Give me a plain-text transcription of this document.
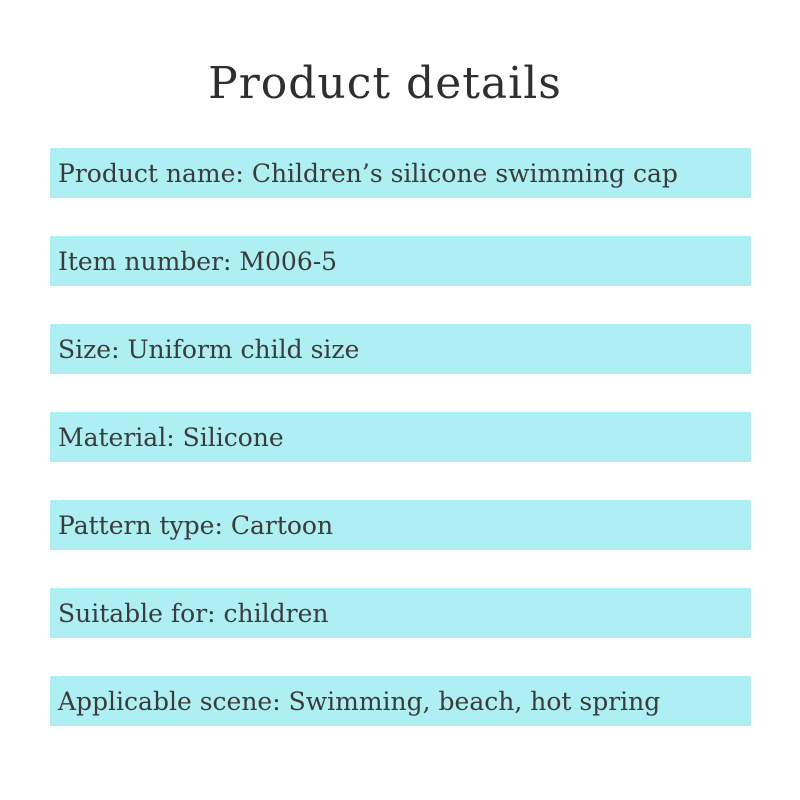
Product details
Product name:
Children’s silicone swimming cap
Item number:
M006-5
Size:
Uniform child size
Material:
Silicone
Pattern type:
Cartoon
Suitable for:
children
Applicable scene:
Swimming, beach, hot spring
